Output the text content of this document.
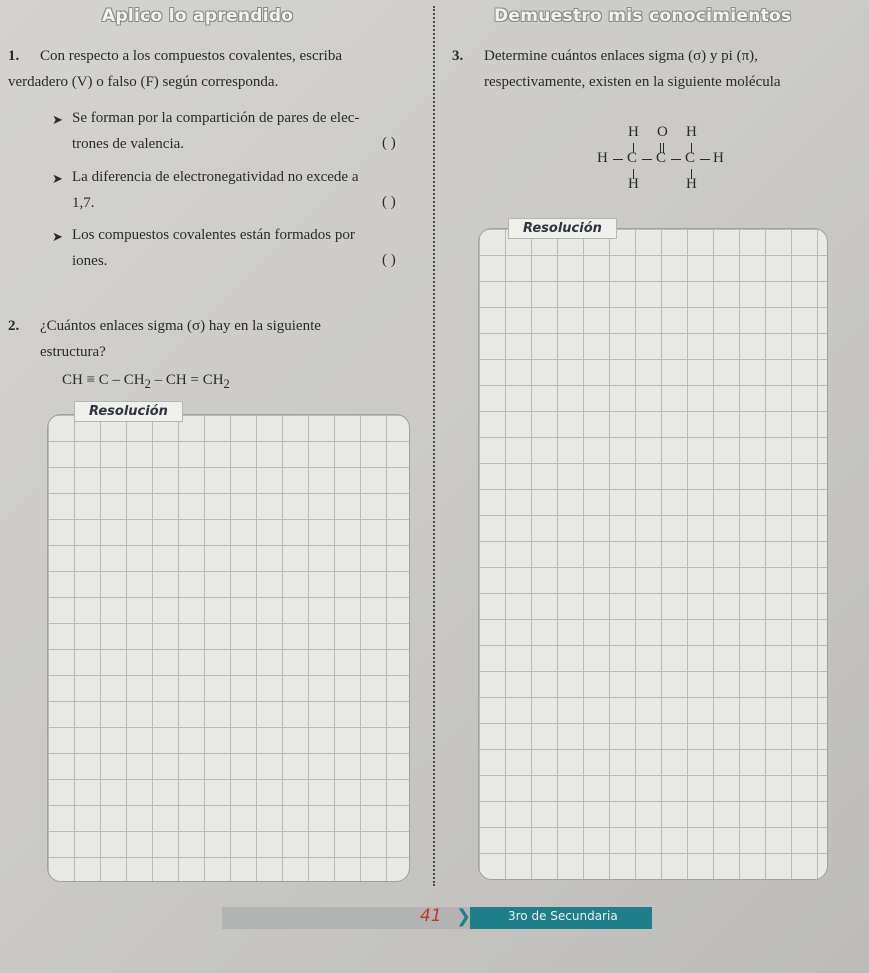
Aplico lo aprendido	Demuestro mis conocimientos
1. Con respecto a los compuestos covalentes, escriba
verdadero (V) o falso (F) según corresponda.
➤ Se forman por la compartición de pares de elec-
trones de valencia.	( )
➤ La diferencia de electronegatividad no excede a
1,7.	( )
➤ Los compuestos covalentes están formados por
iones.	( )
2. ¿Cuántos enlaces sigma (σ) hay en la siguiente
estructura?
CH ≡ C – $CH_2$ – CH = $CH_2$
Resolución
3. Determine cuántos enlaces sigma (σ) y pi (π),
respectivamente, existen en la siguiente molécula
H O H
H C C C H
H	H
Resolución
❯
41	3ro de Secundaria
